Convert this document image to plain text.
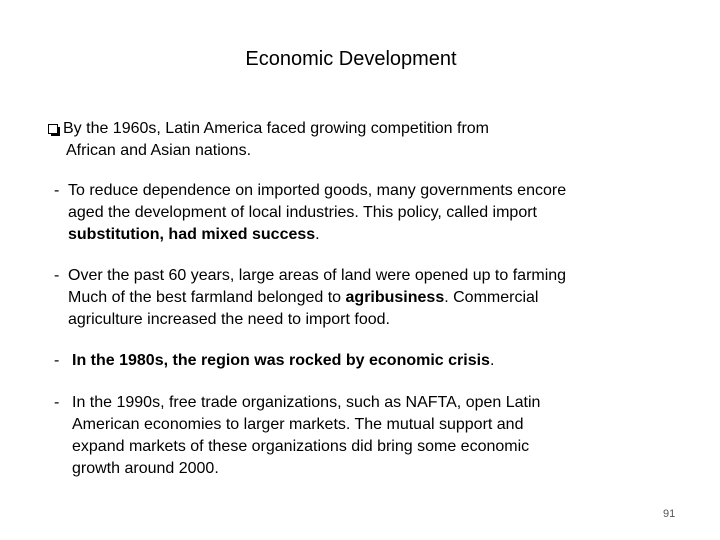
Economic Development
By the 1960s, Latin America faced growing competition from
African and Asian nations.
- To reduce dependence on imported goods, many governments encore
aged the development of local industries. This policy, called import
substitution, had mixed success.
- Over the past 60 years, large areas of land were opened up to farming
Much of the best farmland belonged to agribusiness. Commercial
agriculture increased the need to import food.
- In the 1980s, the region was rocked by economic crisis.
- In the 1990s, free trade organizations, such as NAFTA, open Latin
American economies to larger markets. The mutual support and
expand markets of these organizations did bring some economic
growth around 2000.
91
